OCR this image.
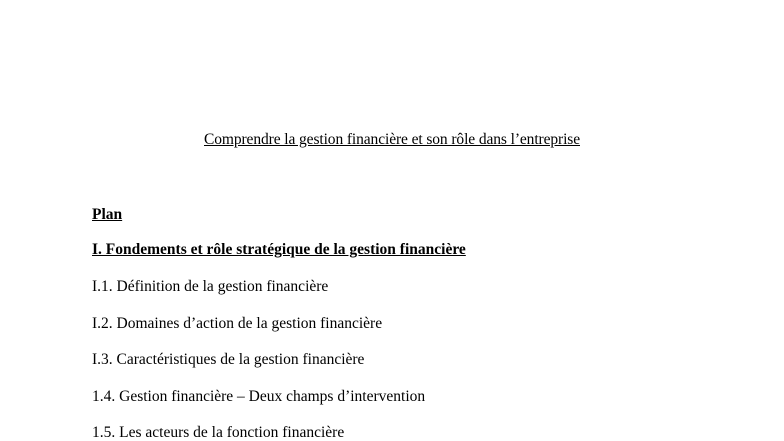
Comprendre la gestion financière et son rôle dans l’entreprise
Plan
I. Fondements et rôle stratégique de la gestion financière
I.1. Définition de la gestion financière
I.2. Domaines d’action de la gestion financière
I.3. Caractéristiques de la gestion financière
1.4. Gestion financière – Deux champs d’intervention
1.5. Les acteurs de la fonction financière
